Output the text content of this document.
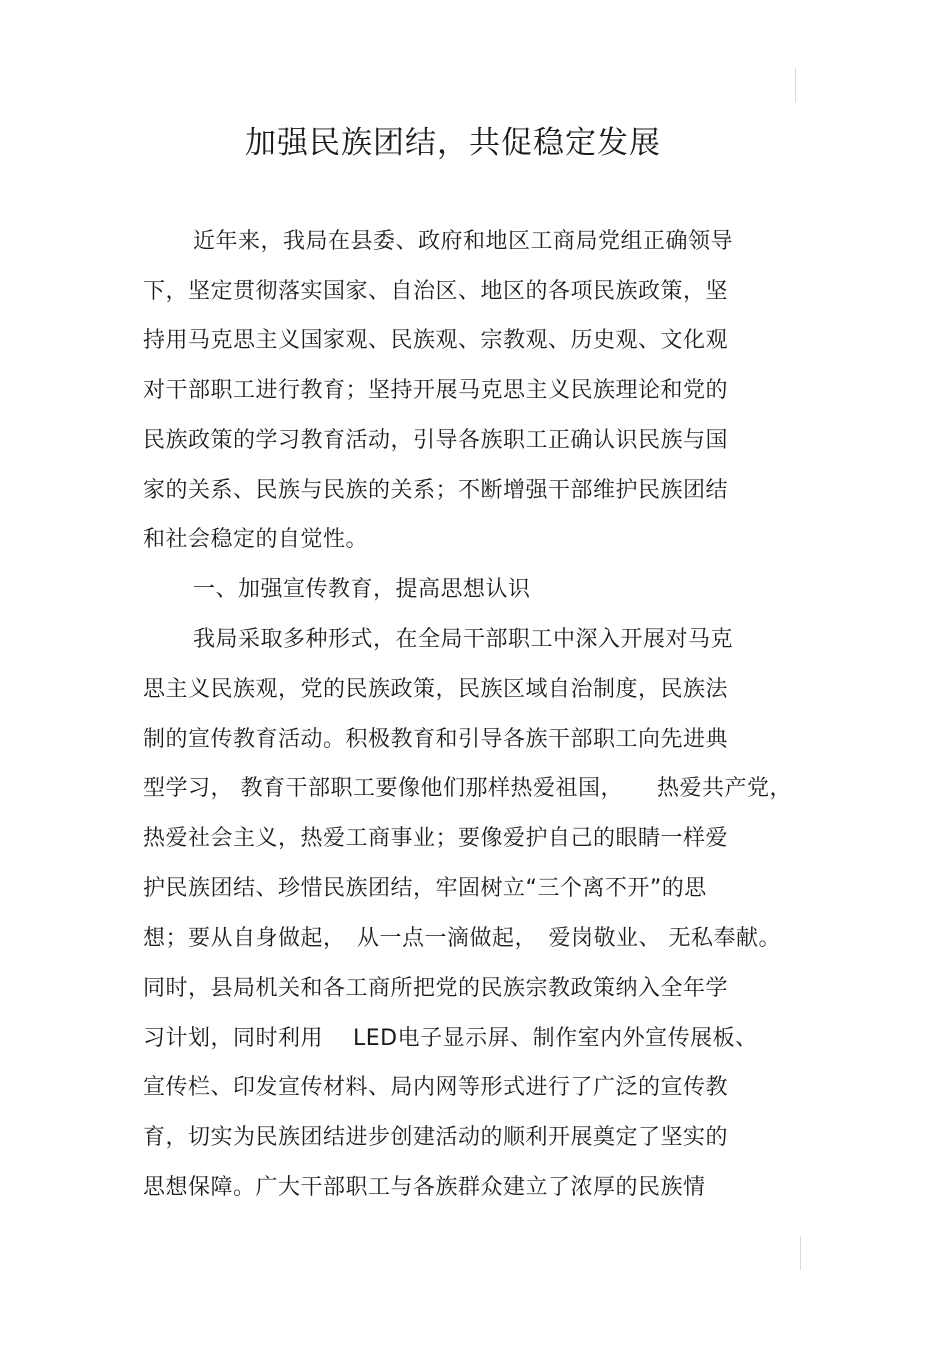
加强民族团结，共促稳定发展
近年来，我局在县委、政府和地区工商局党组正确领导
下，坚定贯彻落实国家、自治区、地区的各项民族政策，坚
持用马克思主义国家观、民族观、宗教观、历史观、文化观
对干部职工进行教育；坚持开展马克思主义民族理论和党的
民族政策的学习教育活动，引导各族职工正确认识民族与国
家的关系、民族与民族的关系；不断增强干部维护民族团结
和社会稳定的自觉性。
一、加强宣传教育，提高思想认识
我局采取多种形式，在全局干部职工中深入开展对马克
思主义民族观，党的民族政策，民族区域自治制度，民族法
制的宣传教育活动。积极教育和引导各族干部职工向先进典
型学习， 教育干部职工要像他们那样热爱祖国，　　热爱共产党，
热爱社会主义，热爱工商事业；要像爱护自己的眼睛一样爱
护民族团结、珍惜民族团结，牢固树立“三个离不开”的思
想；要从自身做起，　从一点一滴做起，　爱岗敬业、 无私奉献。
同时，县局机关和各工商所把党的民族宗教政策纳入全年学
习计划，同时利用　 LED电子显示屏、制作室内外宣传展板、
宣传栏、印发宣传材料、局内网等形式进行了广泛的宣传教
育，切实为民族团结进步创建活动的顺利开展奠定了坚实的
思想保障。广大干部职工与各族群众建立了浓厚的民族情
